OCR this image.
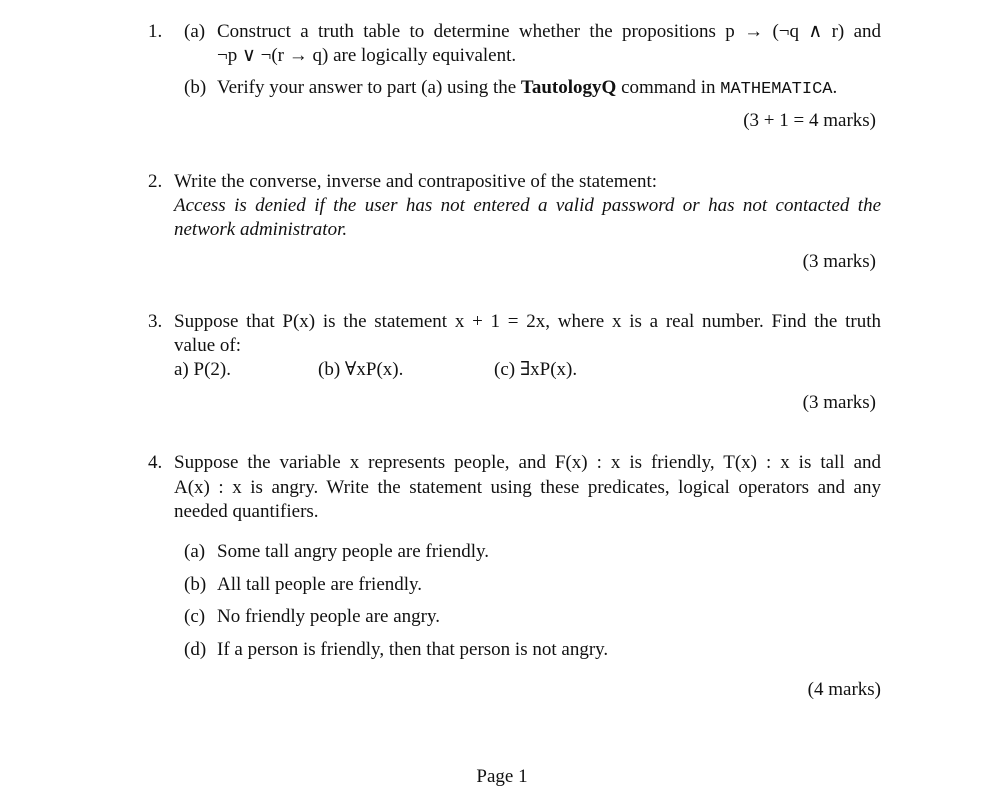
1. (a) Construct a truth table to determine whether the propositions p → (¬q ∧ r) and
¬p ∨ ¬(r → q) are logically equivalent.
(b) Verify your answer to part (a) using the TautologyQ command in MATHEMATICA.
(3 + 1 = 4 marks)
2. Write the converse, inverse and contrapositive of the statement:
Access is denied if the user has not entered a valid password or has not contacted the
network administrator.
(3 marks)
3. Suppose that P(x) is the statement x + 1 = 2x, where x is a real number. Find the truth
value of:
a) P(2).	(b) ∀xP(x).	(c) ∃xP(x).
(3 marks)
4. Suppose the variable x represents people, and F(x) : x is friendly, T(x) : x is tall and
A(x) : x is angry. Write the statement using these predicates, logical operators and any
needed quantifiers.
(a) Some tall angry people are friendly.
(b) All tall people are friendly.
(c) No friendly people are angry.
(d) If a person is friendly, then that person is not angry.
(4 marks)
Page 1
